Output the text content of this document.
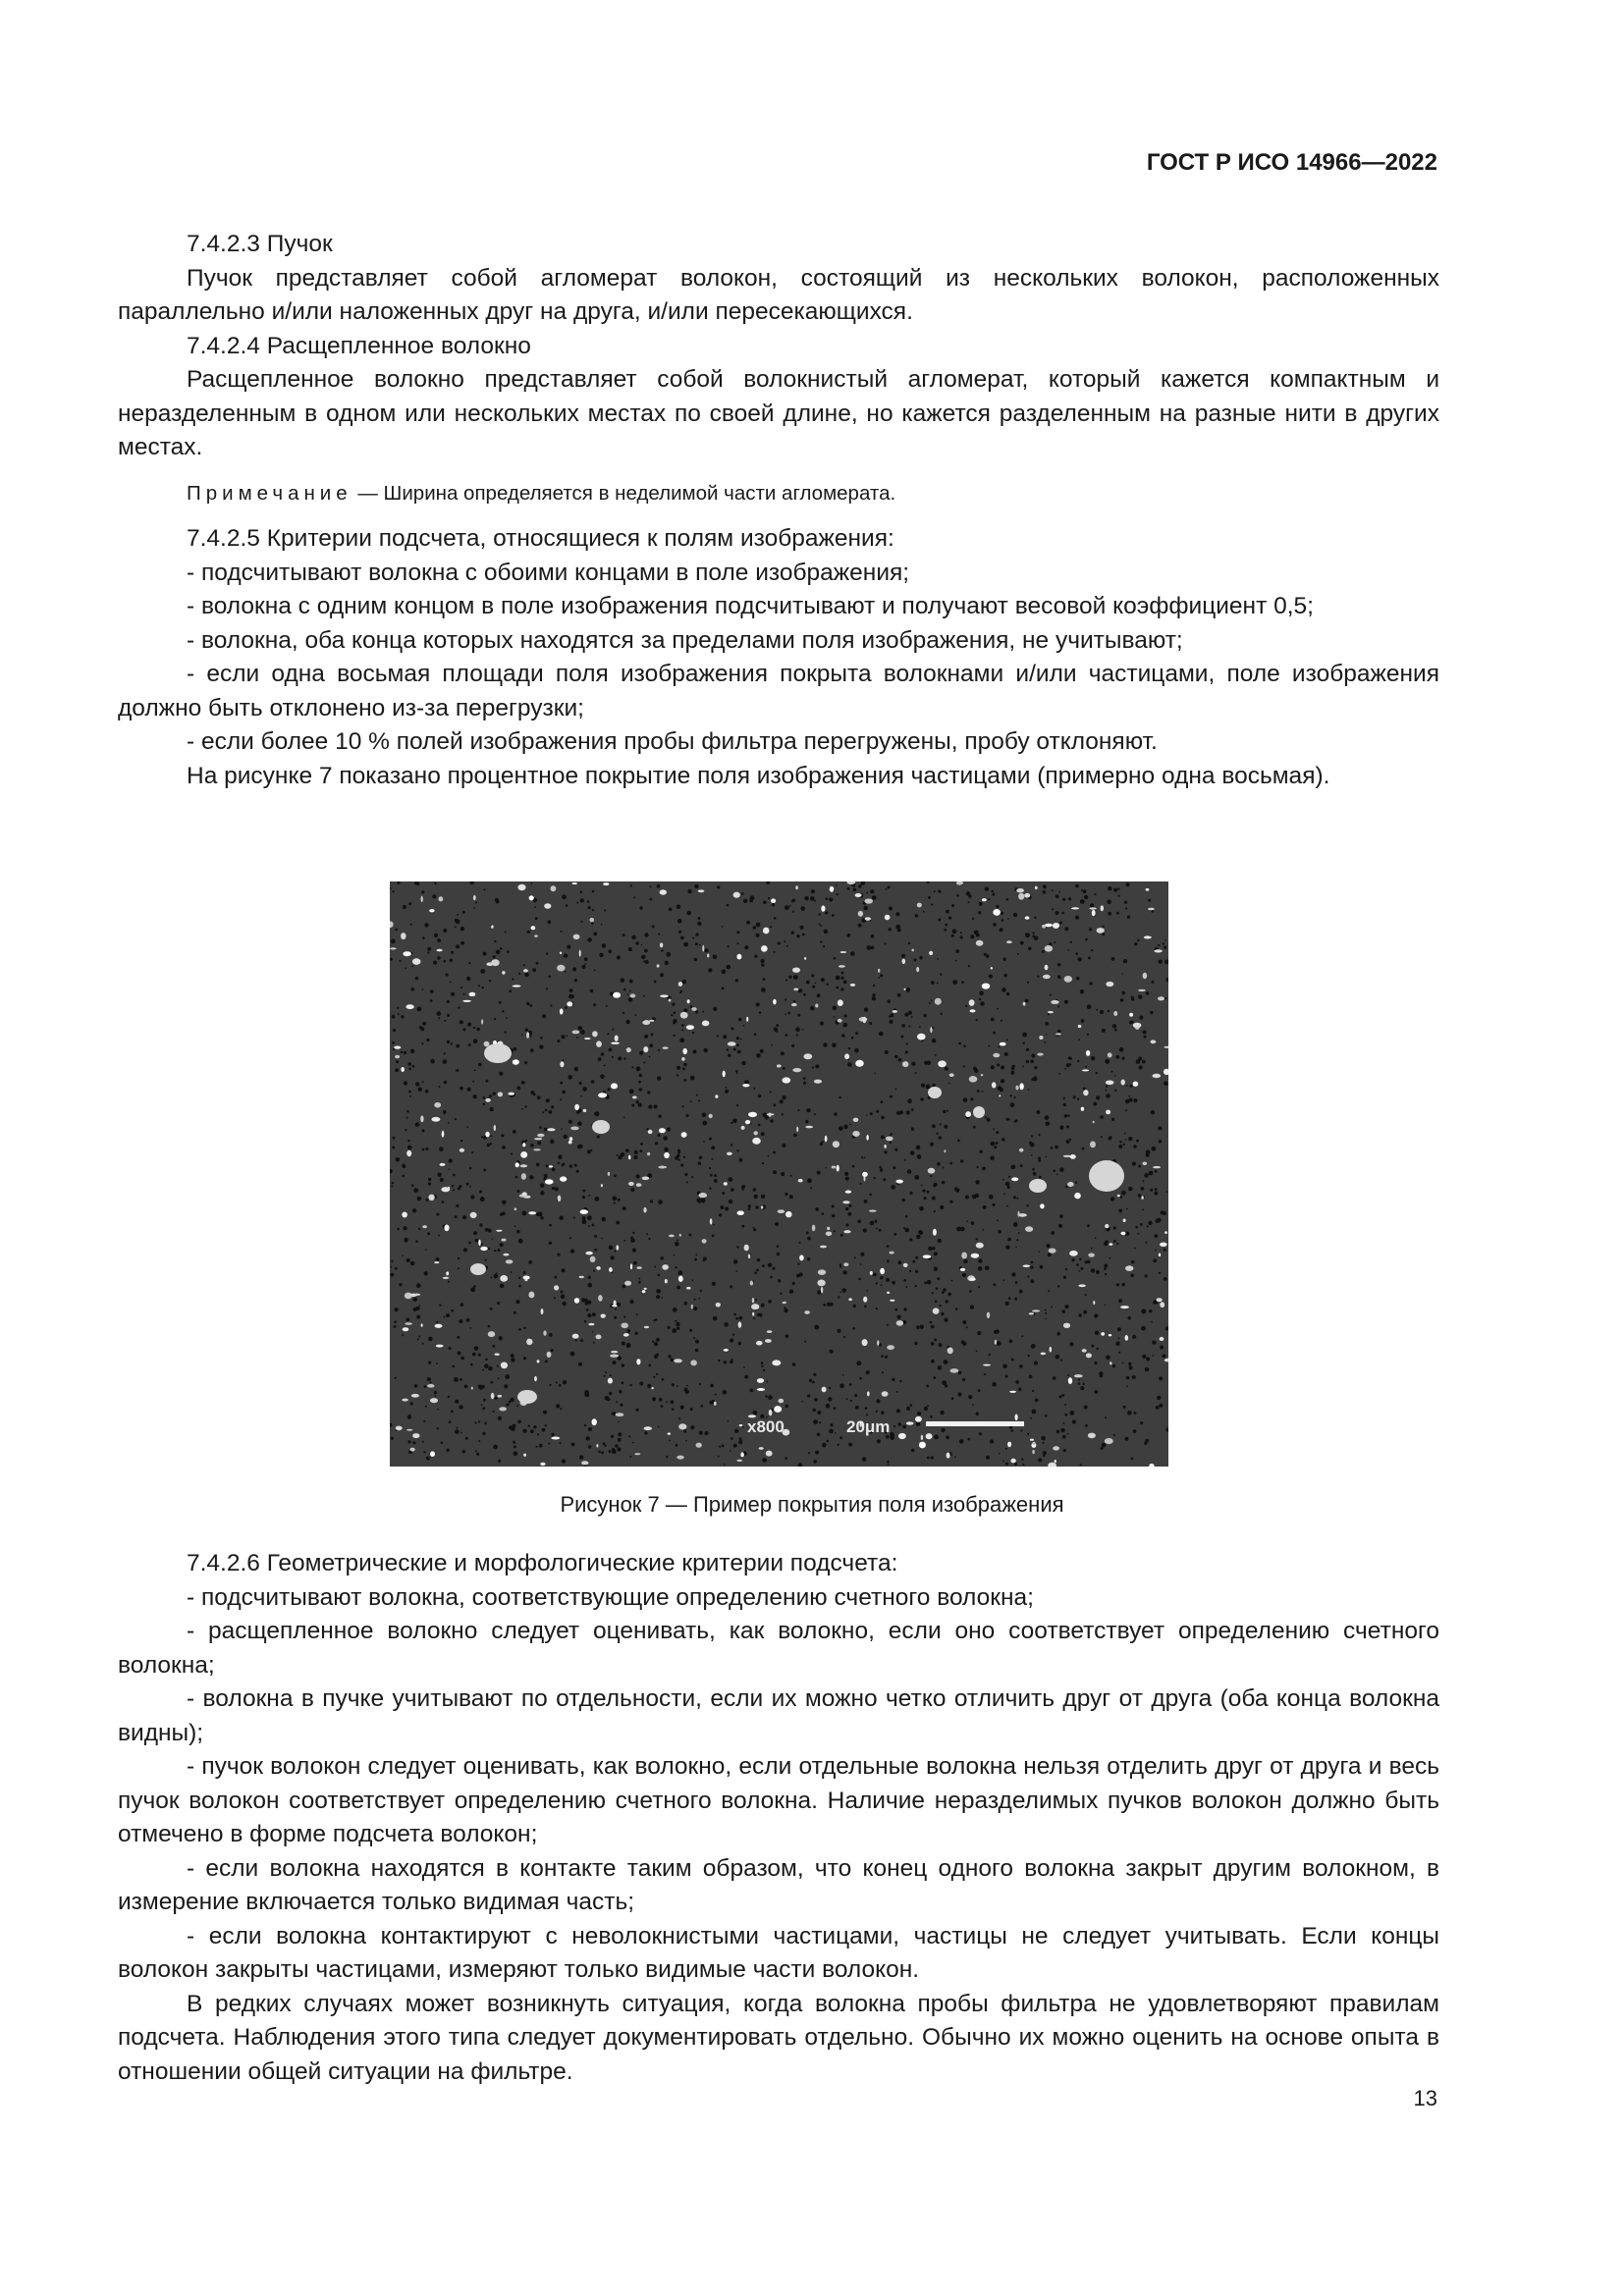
ГОСТ Р ИСО 14966—2022

7.4.2.3 Пучок

Пучок представляет собой агломерат волокон, состоящий из нескольких волокон, расположенных параллельно и/или наложенных друг на друга, и/или пересекающихся.

7.4.2.4 Расщепленное волокно

Расщепленное волокно представляет собой волокнистый агломерат, который кажется компактным и неразделенным в одном или нескольких местах по своей длине, но кажется разделенным на разные нити в других местах.

Примечание — Ширина определяется в неделимой части агломерата.

7.4.2.5 Критерии подсчета, относящиеся к полям изображения:

- подсчитывают волокна с обоими концами в поле изображения;

- волокна с одним концом в поле изображения подсчитывают и получают весовой коэффициент 0,5;

- волокна, оба конца которых находятся за пределами поля изображения, не учитывают;

- если одна восьмая площади поля изображения покрыта волокнами и/или частицами, поле изображения должно быть отклонено из-за перегрузки;

- если более 10 % полей изображения пробы фильтра перегружены, пробу отклоняют.

На рисунке 7 показано процентное покрытие поля изображения частицами (примерно одна восьмая).

x800	20μm
Рисунок 7 — Пример покрытия поля изображения

7.4.2.6 Геометрические и морфологические критерии подсчета:

- подсчитывают волокна, соответствующие определению счетного волокна;

- расщепленное волокно следует оценивать, как волокно, если оно соответствует определению счетного волокна;

- волокна в пучке учитывают по отдельности, если их можно четко отличить друг от друга (оба конца волокна видны);

- пучок волокон следует оценивать, как волокно, если отдельные волокна нельзя отделить друг от друга и весь пучок волокон соответствует определению счетного волокна. Наличие неразделимых пучков волокон должно быть отмечено в форме подсчета волокон;

- если волокна находятся в контакте таким образом, что конец одного волокна закрыт другим волокном, в измерение включается только видимая часть;

- если волокна контактируют с неволокнистыми частицами, частицы не следует учитывать. Если концы волокон закрыты частицами, измеряют только видимые части волокон.

В редких случаях может возникнуть ситуация, когда волокна пробы фильтра не удовлетворяют правилам подсчета. Наблюдения этого типа следует документировать отдельно. Обычно их можно оценить на основе опыта в отношении общей ситуации на фильтре.

13
